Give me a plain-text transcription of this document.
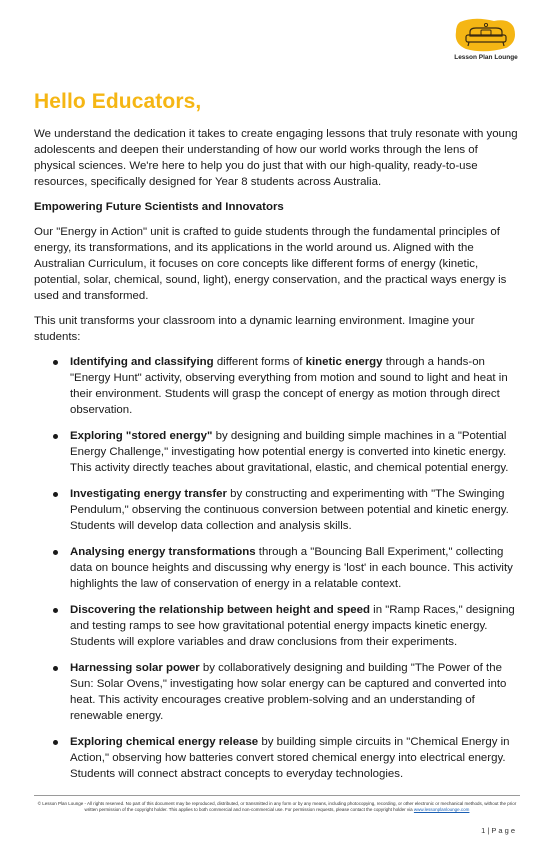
Lesson Plan Lounge
Hello Educators,

We understand the dedication it takes to create engaging lessons that truly resonate with young adolescents and deepen their understanding of how our world works through the lens of physical sciences. We're here to help you do just that with our high-quality, ready-to-use resources, specifically designed for Year 8 students across Australia.

Empowering Future Scientists and Innovators

Our "Energy in Action" unit is crafted to guide students through the fundamental principles of energy, its transformations, and its applications in the world around us. Aligned with the Australian Curriculum, it focuses on core concepts like different forms of energy (kinetic, potential, solar, chemical, sound, light), energy conservation, and the practical ways energy is used and transformed.

This unit transforms your classroom into a dynamic learning environment. Imagine your students:

Identifying and classifying different forms of kinetic energy through a hands-on "Energy Hunt" activity, observing everything from motion and sound to light and heat in their environment. Students will grasp the concept of energy as motion through direct observation.
Exploring "stored energy" by designing and building simple machines in a "Potential Energy Challenge," investigating how potential energy is converted into kinetic energy. This activity directly teaches about gravitational, elastic, and chemical potential energy.
Investigating energy transfer by constructing and experimenting with "The Swinging Pendulum," observing the continuous conversion between potential and kinetic energy. Students will develop data collection and analysis skills.
Analysing energy transformations through a "Bouncing Ball Experiment," collecting data on bounce heights and discussing why energy is 'lost' in each bounce. This activity highlights the law of conservation of energy in a relatable context.
Discovering the relationship between height and speed in "Ramp Races," designing and testing ramps to see how gravitational potential energy impacts kinetic energy. Students will explore variables and draw conclusions from their experiments.
Harnessing solar power by collaboratively designing and building "The Power of the Sun: Solar Ovens," investigating how solar energy can be captured and converted into heat. This activity encourages creative problem-solving and an understanding of renewable energy.
Exploring chemical energy release by building simple circuits in "Chemical Energy in Action," observing how batteries convert stored chemical energy into electrical energy. Students will connect abstract concepts to everyday technologies.
© Lesson Plan Lounge - All rights reserved. No part of this document may be reproduced, distributed, or transmitted in any form or by any means, including photocopying, recording, or other electronic or mechanical methods, without the prior written permission of the copyright holder. This applies to both commercial and non-commercial use. For permission requests, please contact the copyright holder via www.lessonplanlounge.com
1 | P a g e
